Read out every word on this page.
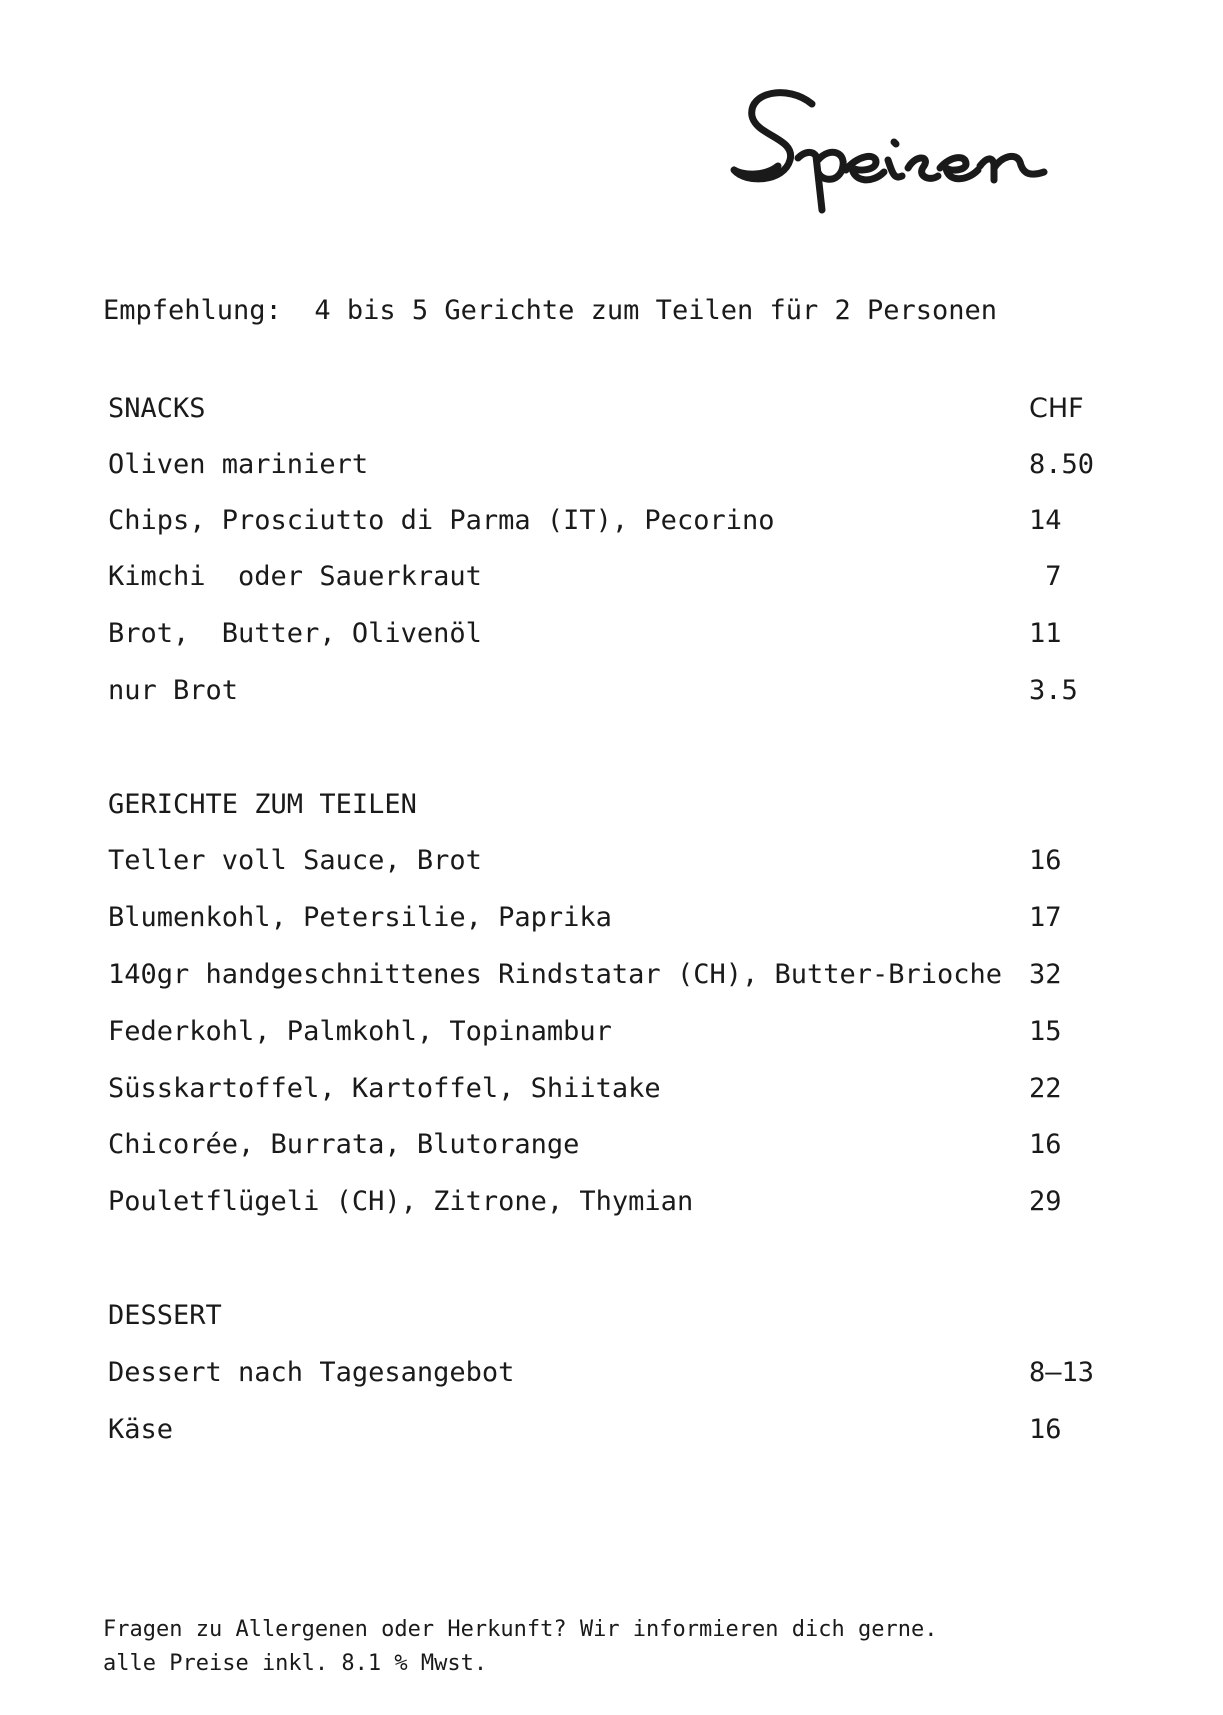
Empfehlung:  4 bis 5 Gerichte zum Teilen für 2 Personen
SNACKS	CHF
Oliven mariniert	8.50
Chips, Prosciutto di Parma (IT), Pecorino	14
Kimchi  oder Sauerkraut	7
Brot,  Butter, Olivenöl	11
nur Brot	3.5
GERICHTE ZUM TEILEN
Teller voll Sauce, Brot	16
Blumenkohl, Petersilie, Paprika	17
140gr handgeschnittenes Rindstatar (CH), Butter-Brioche 32
Federkohl, Palmkohl, Topinambur	15
Süsskartoffel, Kartoffel, Shiitake	22
Chicorée, Burrata, Blutorange	16
Pouletflügeli (CH), Zitrone, Thymian	29
DESSERT
Dessert nach Tagesangebot	8–13
Käse	16
Fragen zu Allergenen oder Herkunft? Wir informieren dich gerne.
alle Preise inkl. 8.1 % Mwst.
